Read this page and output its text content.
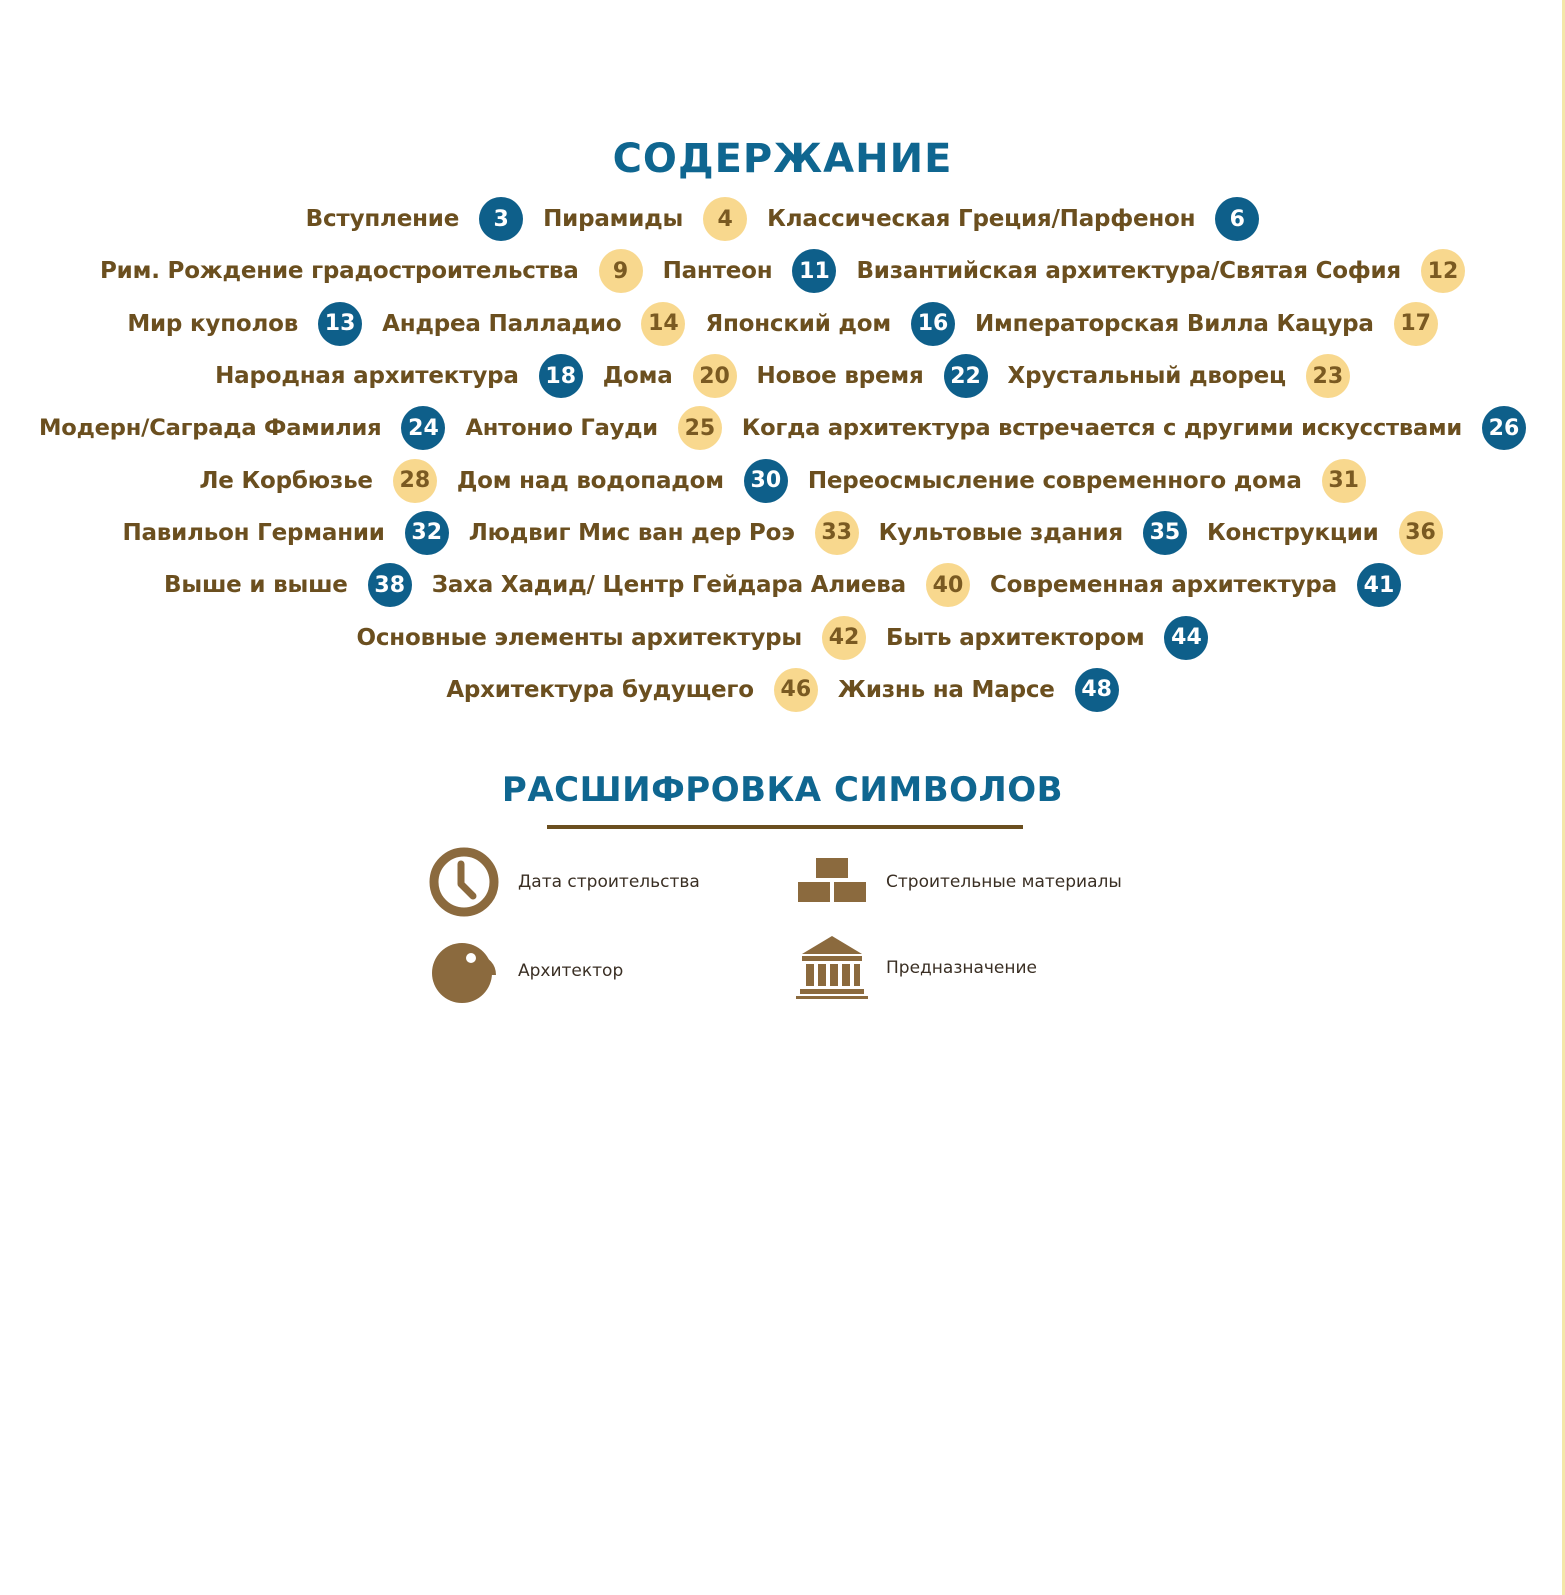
СОДЕРЖАНИЕ
Вступление	3	Пирамиды	4	Классическая Греция/Парфенон	6
Рим. Рождение градостроительства	9	Пантеон	11 Византийская архитектура/Святая София	12
Мир куполов	13 Андреа Палладио	14 Японский дом	16 Императорская Вилла Кацура	17
Народная архитектура	18 Дома	20 Новое время	22 Хрустальный дворец	23
Модерн/Саграда Фамилия	24 Антонио Гауди	25 Когда архитектура встречается с другими искусствами	26
Ле Корбюзье	28 Дом над водопадом	30 Переосмысление современного дома	31
Павильон Германии	32 Людвиг Мис ван дер Роэ	33 Культовые здания	35 Конструкции	36
Выше и выше	38 Заха Хадид/ Центр Гейдара Алиева	40 Современная архитектура	41
Основные элементы архитектуры	42 Быть архитектором	44
Архитектура будущего	46 Жизнь на Марсе	48
РАСШИФРОВКА СИМВОЛОВ
Дата строительства	Строительные материалы
Архитектор	Предназначение
